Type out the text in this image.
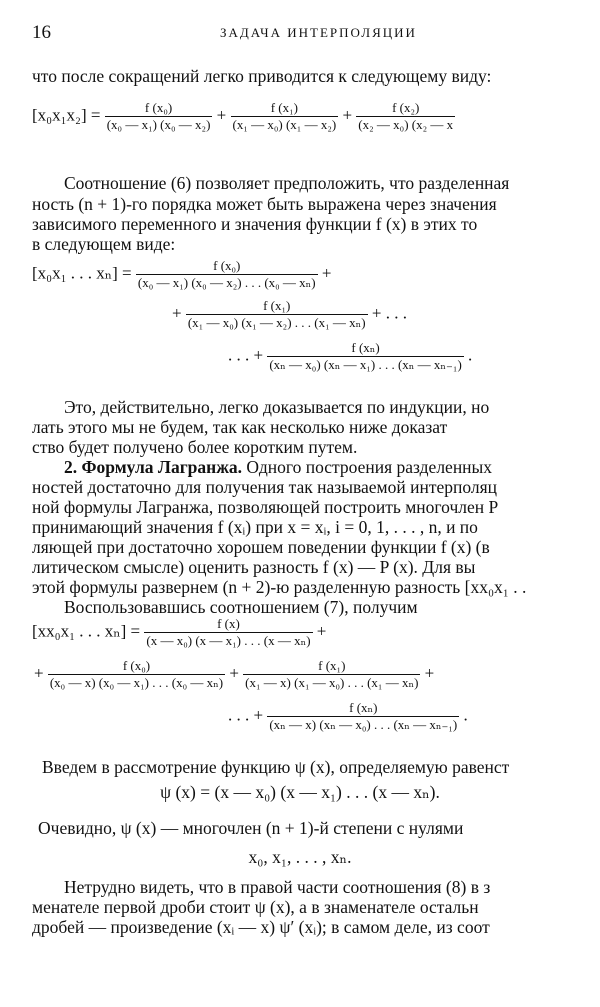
16	ЗАДАЧА ИНТЕРПОЛЯЦИИ
что после сокращений легко приводится к следующему виду:
$[x_0x_1x_2] = \frac{\text{f (x₀)}}{\text{(x₀ — x₁) (x₀ — x₂)}} + \frac{\text{f (x₁)}}{\text{(x₁ — x₀) (x₁ — x₂)}} + \frac{\text{f (x₂)}}{\text{(x₂ — x₀) (x₂ — x}}$
Соотношение (6) позволяет предположить, что разделенная
ность (n + 1)-го порядка может быть выражена через значения
зависимого переменного и значения функции f (x) в этих то
в следующем виде:
[x₀x₁ . . . $x_n] = \frac{\text{f (x₀)}}{\text{(x₀ — x₁) (x₀ — x₂) . . . (x₀ — xₙ)}}$ +
+ $\frac{\text{f (x₁)}}{\text{(x₁ — x₀) (x₁ — x₂) . . . (x₁ — xₙ)}}$ + . . .
. . . + $\frac{\text{f (xₙ)}}{\text{(xₙ — x₀) (xₙ — x₁) . . . (xₙ — xₙ₋₁)}}$ .
Это, действительно, легко доказывается по индукции, но
лать этого мы не будем, так как несколько ниже доказат
ство будет получено более коротким путем.
2. Формула Лагранжа. Одного построения разделенных
ностей достаточно для получения так называемой интерполяц
ной формулы Лагранжа, позволяющей построить многочлен P
принимающий значения f (xᵢ) при x = xᵢ, i = 0, 1, . . . , n, и по
ляющей при достаточно хорошем поведении функции f (x) (в
литическом смысле) оценить разность f (x) — P (x). Для вы
этой формулы развернем (n + 2)-ю разделенную разность [xx₀x₁ . .
Воспользовавшись соотношением (7), получим
[xx₀x₁ . . . $x_n] = \frac{f (x)}{\text{(x — x₀) (x — x₁) . . . (x — xₙ)}}$ +
+ $\frac{\text{f (x₀)}}{\text{(x₀ — x) (x₀ — x₁) . . . (x₀ — xₙ)}} + \frac{\text{f (x₁)}}{\text{(x₁ — x) (x₁ — x₀) . . . (x₁ — xₙ)}}$ +
. . . + $\frac{\text{f (xₙ)}}{\text{(xₙ — x) (xₙ — x₀) . . . (xₙ — xₙ₋₁)}}$ .
Введем в рассмотрение функцию ψ (x), определяемую равенст
ψ (x) = (x — x₀) (x — x₁) . . . (x — xₙ).
Очевидно, ψ (x) — многочлен (n + 1)-й степени с нулями
x₀, x₁, . . . , xₙ.
Нетрудно видеть, что в правой части соотношения (8) в з
менателе первой дроби стоит ψ (x), а в знаменателе остальн
дробей — произведение (xᵢ — x) ψ′ (xᵢ); в самом деле, из соот
